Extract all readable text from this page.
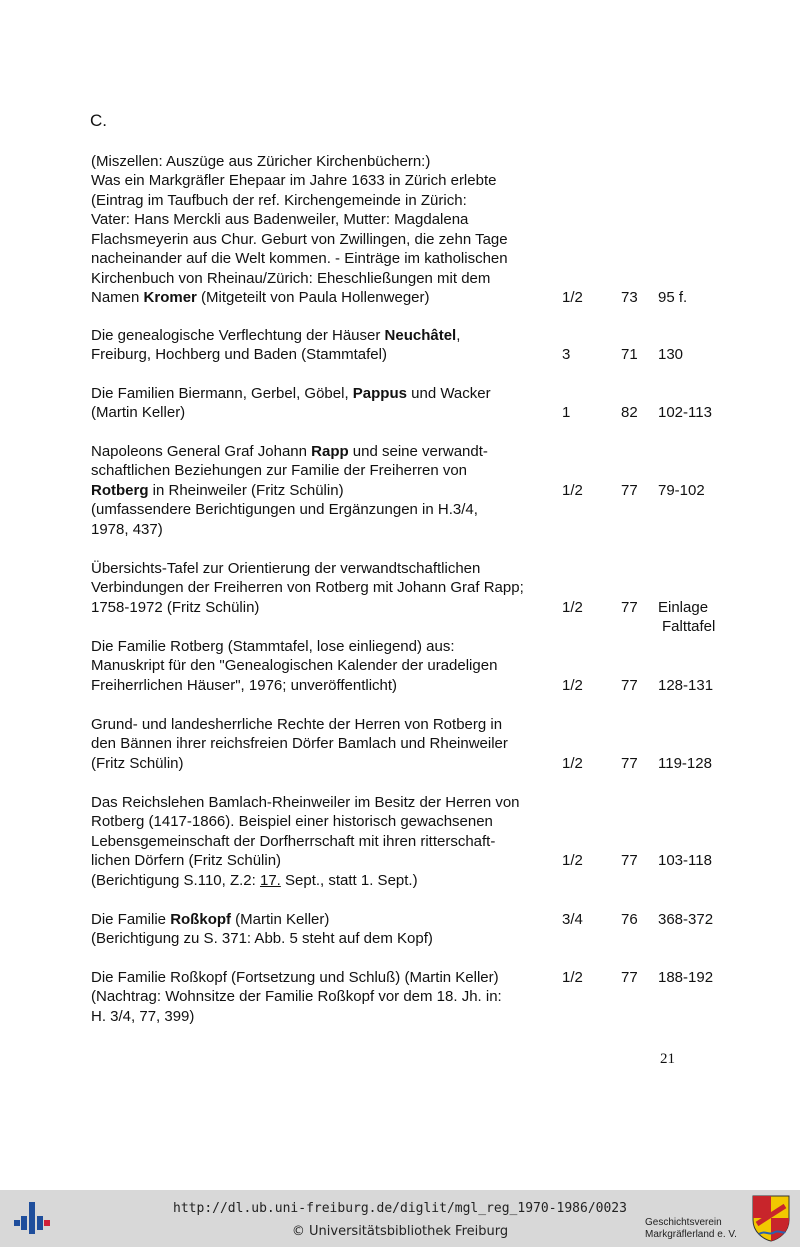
C.
(Miszellen: Auszüge aus Züricher Kirchenbüchern:)
Was ein Markgräfler Ehepaar im Jahre 1633 in Zürich erlebte
(Eintrag im Taufbuch der ref. Kirchengemeinde in Zürich:
Vater: Hans Merckli aus Badenweiler, Mutter: Magdalena
Flachsmeyerin aus Chur. Geburt von Zwillingen, die zehn Tage
nacheinander auf die Welt kommen. - Einträge im katholischen
Kirchenbuch von Rheinau/Zürich: Eheschließungen mit dem
Namen Kromer (Mitgeteilt von Paula Hollenweger)	1/2	73 95 f.
Die genealogische Verflechtung der Häuser Neuchâtel,
Freiburg, Hochberg und Baden (Stammtafel)	3	71 130
Die Familien Biermann, Gerbel, Göbel, Pappus und Wacker
(Martin Keller)	1	82 102-113
Napoleons General Graf Johann Rapp und seine verwandt-
schaftlichen Beziehungen zur Familie der Freiherren von
Rotberg in Rheinweiler (Fritz Schülin)
(umfassendere Berichtigungen und Ergänzungen in H.3/4,
1978, 437)
1/2	77 79-102
Übersichts-Tafel zur Orientierung der verwandtschaftlichen
Verbindungen der Freiherren von Rotberg mit Johann Graf Rapp;
1758-1972 (Fritz Schülin)	1/2	77 Einlage
Falttafel
Die Familie Rotberg (Stammtafel, lose einliegend) aus:
Manuskript für den "Genealogischen Kalender der uradeligen
Freiherrlichen Häuser", 1976; unveröffentlicht)	1/2	77 128-131
Grund- und landesherrliche Rechte der Herren von Rotberg in
den Bännen ihrer reichsfreien Dörfer Bamlach und Rheinweiler
(Fritz Schülin)	1/2	77 119-128
Das Reichslehen Bamlach-Rheinweiler im Besitz der Herren von
Rotberg (1417-1866). Beispiel einer historisch gewachsenen
Lebensgemeinschaft der Dorfherrschaft mit ihren ritterschaft-
lichen Dörfern (Fritz Schülin)
(Berichtigung S.110, Z.2: 17. Sept., statt 1. Sept.)
1/2	77 103-118
Die Familie Roßkopf (Martin Keller)
(Berichtigung zu S. 371: Abb. 5 steht auf dem Kopf)
3/4	76 368-372
Die Familie Roßkopf (Fortsetzung und Schluß) (Martin Keller)
(Nachtrag: Wohnsitze der Familie Roßkopf vor dem 18. Jh. in:
H. 3/4, 77, 399)
1/2	77 188-192
21
http://dl.ub.uni-freiburg.de/diglit/mgl_reg_1970-1986/0023
© Universitätsbibliothek Freiburg
Geschichtsverein
Markgräflerland e. V.
